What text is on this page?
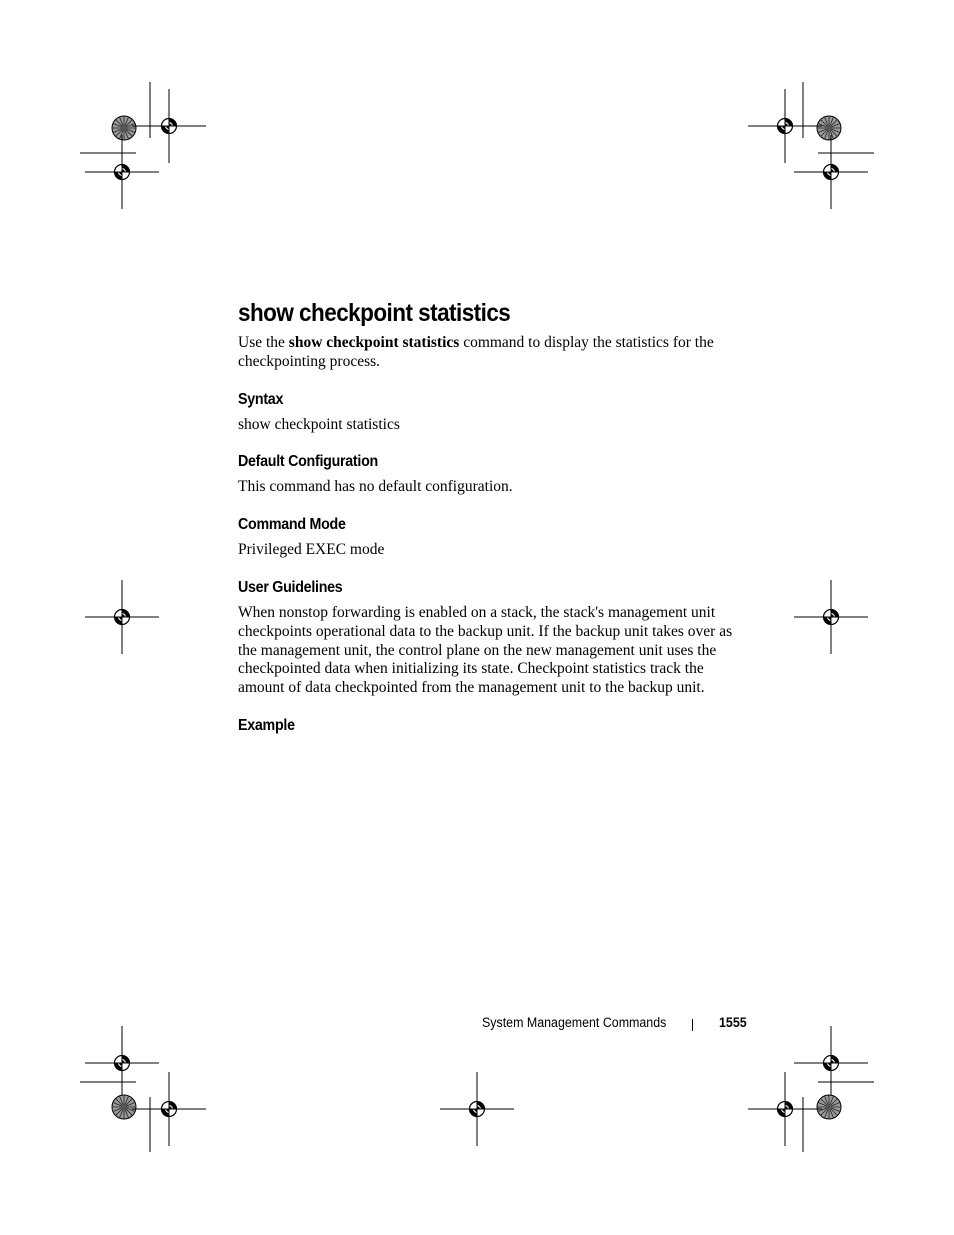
show checkpoint statistics

Use the show checkpoint statistics command to display the statistics for the checkpointing process.

Syntax

show checkpoint statistics

Default Configuration

This command has no default configuration.

Command Mode

Privileged EXEC mode

User Guidelines

When nonstop forwarding is enabled on a stack, the stack's management unit checkpoints operational data to the backup unit. If the backup unit takes over as the management unit, the control plane on the new management unit uses the checkpointed data when initializing its state. Checkpoint statistics track the amount of data checkpointed from the management unit to the backup unit.

Example
System Management Commands	1555
